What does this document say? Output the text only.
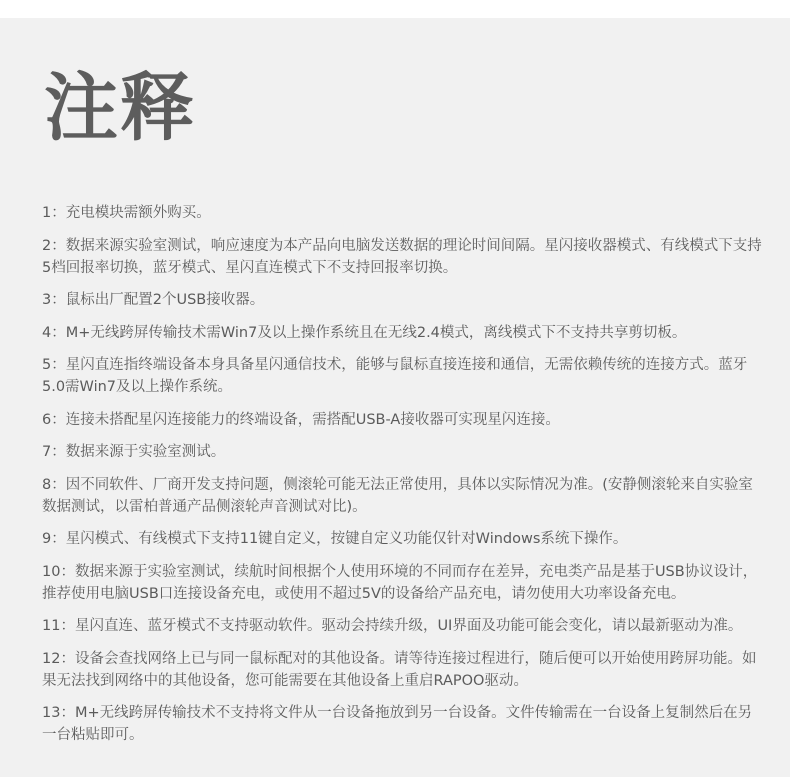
注释
1：充电模块需额外购买。
2：数据来源实验室测试，响应速度为本产品向电脑发送数据的理论时间间隔。星闪接收器模式、有线模式下支持5档回报率切换，蓝牙模式、星闪直连模式下不支持回报率切换。
3：鼠标出厂配置2个USB接收器。
4：M+无线跨屏传输技术需Win7及以上操作系统且在无线2.4模式，离线模式下不支持共享剪切板。
5：星闪直连指终端设备本身具备星闪通信技术，能够与鼠标直接连接和通信，无需依赖传统的连接方式。蓝牙5.0需Win7及以上操作系统。
6：连接未搭配星闪连接能力的终端设备，需搭配USB-A接收器可实现星闪连接。
7：数据来源于实验室测试。
8：因不同软件、厂商开发支持问题，侧滚轮可能无法正常使用，具体以实际情况为准。(安静侧滚轮来自实验室数据测试，以雷柏普通产品侧滚轮声音测试对比)。
9：星闪模式、有线模式下支持11键自定义，按键自定义功能仅针对Windows系统下操作。
10：数据来源于实验室测试，续航时间根据个人使用环境的不同而存在差异，充电类产品是基于USB协议设计，推荐使用电脑USB口连接设备充电，或使用不超过5V的设备给产品充电，请勿使用大功率设备充电。
11：星闪直连、蓝牙模式不支持驱动软件。驱动会持续升级，UI界面及功能可能会变化，请以最新驱动为准。
12：设备会查找网络上已与同一鼠标配对的其他设备。请等待连接过程进行，随后便可以开始使用跨屏功能。如果无法找到网络中的其他设备，您可能需要在其他设备上重启RAPOO驱动。
13：M+无线跨屏传输技术不支持将文件从一台设备拖放到另一台设备。文件传输需在一台设备上复制然后在另一台粘贴即可。
